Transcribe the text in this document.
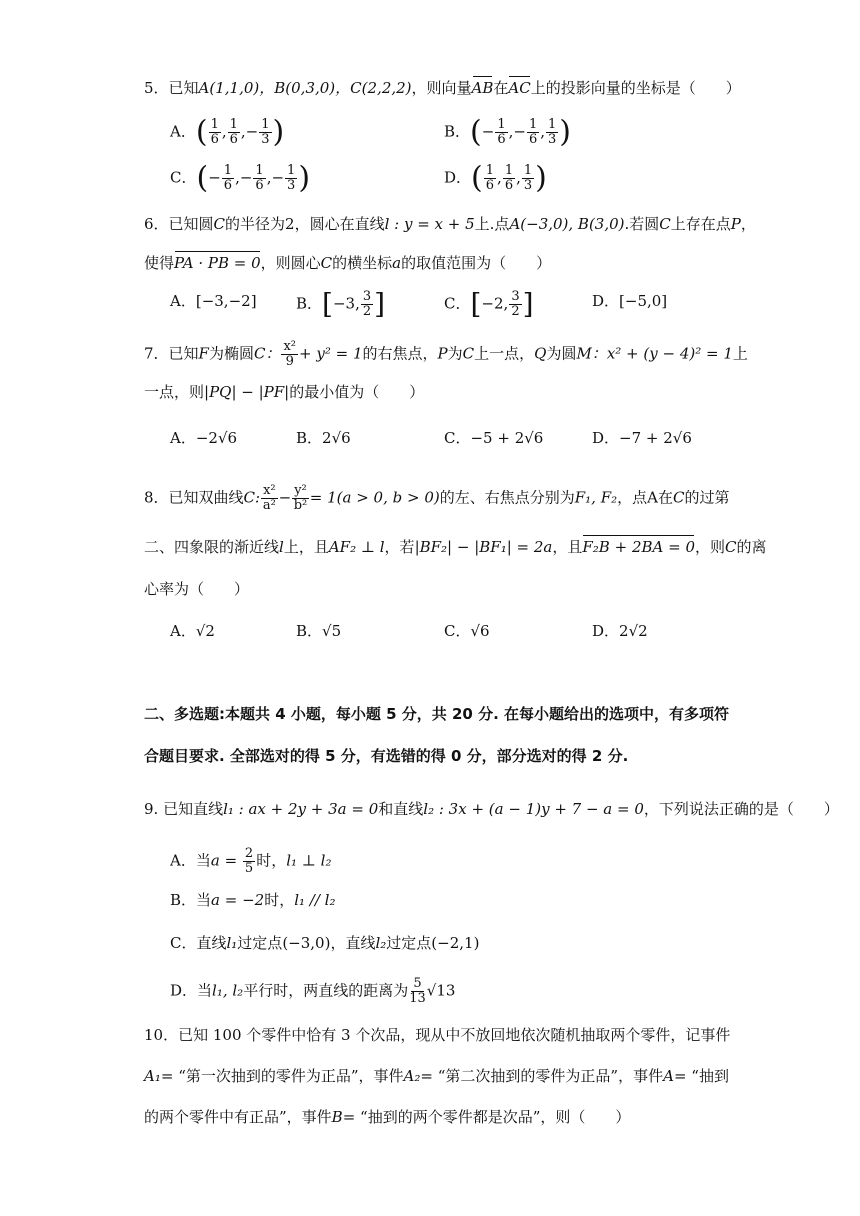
5．已知A(1,1,0)，B(0,3,0)，C(2,2,2)，则向量AB在AC上的投影向量的坐标是（　　）
A．( $\frac{1}{6}$ , $\frac{1}{6}$ ,− $\frac{1}{3}$ )	B．(− $\frac{1}{6}$ ,− $\frac{1}{6}$ , $\frac{1}{3}$ )
C．(− $\frac{1}{6}$ ,− $\frac{1}{6}$ ,− $\frac{1}{3}$ )	D．( $\frac{1}{6}$ , $\frac{1}{6}$ , $\frac{1}{3}$ )
6．已知圆C的半径为2，圆心在直线l : y = x + 5上.点A(−3,0), B(3,0).若圆C上存在点P，
使得PA · PB = 0，则圆心C的横坐标a的取值范围为（　　）
A．[−3,−2]	B．[−3, $\frac{3}{2}$ ]	C．[−2, $\frac{3}{2}$ ]	D．[−5,0]
7．已知F为椭圆C： $\frac{\text{x²}}{9} + y^2 = 1$的右焦点，P为C上一点，Q为圆M：x² + (y − 4)² = 1上
一点，则|PQ| − |PF|的最小值为（　　）
A．−2√6	B．2√6	C．−5 + 2√6	D．−7 + 2√6
8．已知双曲线C: $\frac{\text{x²}}{\text{a²}} - \frac{\text{y²}}{\text{b²}} = 1(a > 0$, b > 0)的左、右焦点分别为F₁, F₂，点A在C的过第
二、四象限的渐近线l上，且AF₂ ⊥ l，若|BF₂| − |BF₁| = 2a，且F₂B + 2BA = 0，则C的离
心率为（　　）
A．√2	B．√5	C．√6	D．2√2
二、多选题:本题共 4 小题，每小题 5 分，共 20 分. 在每小题给出的选项中，有多项符
合题目要求. 全部选对的得 5 分，有选错的得 0 分，部分选对的得 2 分.
9. 已知直线l₁ : ax + 2y + 3a = 0和直线l₂ : 3x + (a − 1)y + 7 − a = 0，下列说法正确的是（　　）
A．当$a = \frac{2}{5}$ 时，l₁ ⊥ l₂
B．当a = −2时，l₁ // l₂
C．直线l₁过定点(−3,0)，直线l₂过定点(−2,1)
D．当l₁, l₂平行时，两直线的距离为 $\frac{5}{13} √13$
10．已知 100 个零件中恰有 3 个次品，现从中不放回地依次随机抽取两个零件，记事件
A₁= “第一次抽到的零件为正品”，事件A₂= “第二次抽到的零件为正品”，事件A= “抽到
的两个零件中有正品”，事件B= “抽到的两个零件都是次品”，则（　　）
